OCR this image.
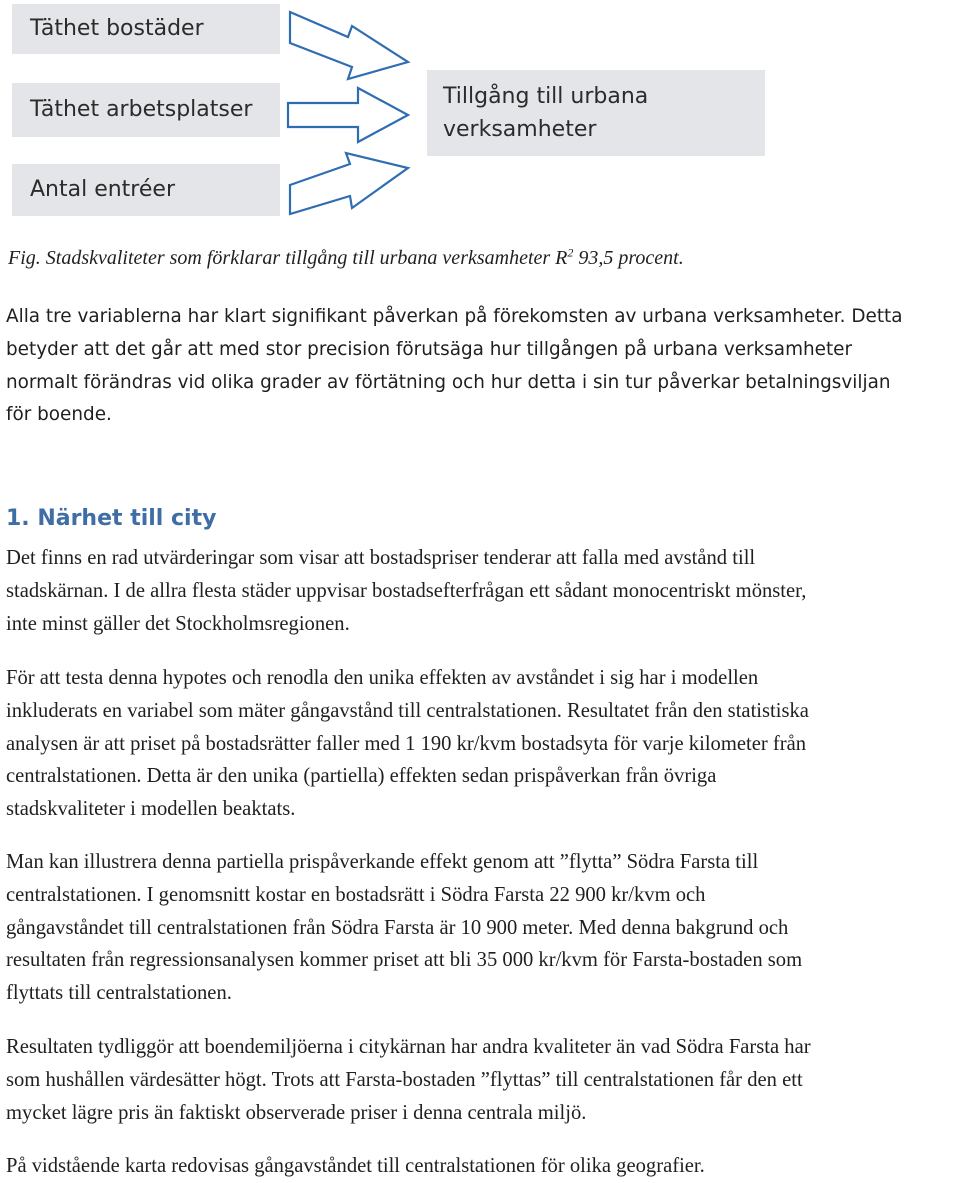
Täthet bostäder
Täthet arbetsplatser
Antal entréer
Tillgång till urbana
verksamheter
Fig. Stadskvaliteter som förklarar tillgång till urbana verksamheter $R^2$ 93,5 procent.

Alla tre variablerna har klart signifikant påverkan på förekomsten av urbana verksamheter. Detta
betyder att det går att med stor precision förutsäga hur tillgången på urbana verksamheter
normalt förändras vid olika grader av förtätning och hur detta i sin tur påverkar betalningsviljan
för boende.

1. Närhet till city

Det finns en rad utvärderingar som visar att bostadspriser tenderar att falla med avstånd till
stadskärnan. I de allra flesta städer uppvisar bostadsefterfrågan ett sådant monocentriskt mönster,
inte minst gäller det Stockholmsregionen.

För att testa denna hypotes och renodla den unika effekten av avståndet i sig har i modellen
inkluderats en variabel som mäter gångavstånd till centralstationen. Resultatet från den statistiska
analysen är att priset på bostadsrätter faller med 1 190 kr/kvm bostadsyta för varje kilometer från
centralstationen. Detta är den unika (partiella) effekten sedan prispåverkan från övriga
stadskvaliteter i modellen beaktats.

Man kan illustrera denna partiella prispåverkande effekt genom att ”flytta” Södra Farsta till
centralstationen. I genomsnitt kostar en bostadsrätt i Södra Farsta 22 900 kr/kvm och
gångavståndet till centralstationen från Södra Farsta är 10 900 meter. Med denna bakgrund och
resultaten från regressionsanalysen kommer priset att bli 35 000 kr/kvm för Farsta-bostaden som
flyttats till centralstationen.

Resultaten tydliggör att boendemiljöerna i citykärnan har andra kvaliteter än vad Södra Farsta har
som hushållen värdesätter högt. Trots att Farsta-bostaden ”flyttas” till centralstationen får den ett
mycket lägre pris än faktiskt observerade priser i denna centrala miljö.

På vidstående karta redovisas gångavståndet till centralstationen för olika geografier.
